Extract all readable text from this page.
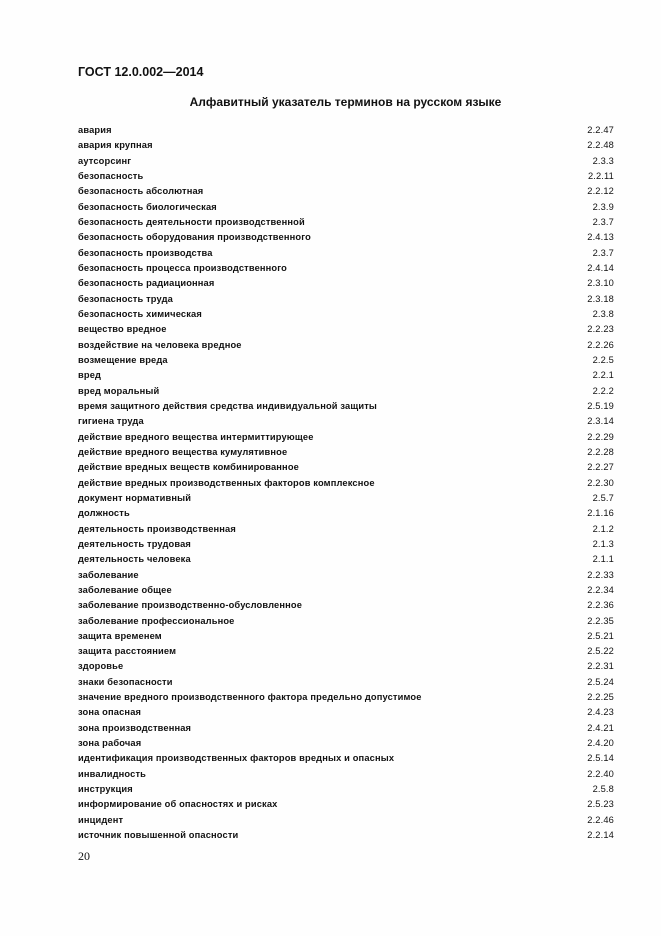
ГОСТ 12.0.002—2014
Алфавитный указатель терминов на русском языке
авария	2.2.47
авария крупная	2.2.48
аутсорсинг	2.3.3
безопасность	2.2.11
безопасность абсолютная	2.2.12
безопасность биологическая	2.3.9
безопасность деятельности производственной	2.3.7
безопасность оборудования производственного	2.4.13
безопасность производства	2.3.7
безопасность процесса производственного	2.4.14
безопасность радиационная	2.3.10
безопасность труда	2.3.18
безопасность химическая	2.3.8
вещество вредное	2.2.23
воздействие на человека вредное	2.2.26
возмещение вреда	2.2.5
вред	2.2.1
вред моральный	2.2.2
время защитного действия средства индивидуальной защиты	2.5.19
гигиена труда	2.3.14
действие вредного вещества интермиттирующее	2.2.29
действие вредного вещества кумулятивное	2.2.28
действие вредных веществ комбинированное	2.2.27
действие вредных производственных факторов комплексное	2.2.30
документ нормативный	2.5.7
должность	2.1.16
деятельность производственная	2.1.2
деятельность трудовая	2.1.3
деятельность человека	2.1.1
заболевание	2.2.33
заболевание общее	2.2.34
заболевание производственно-обусловленное	2.2.36
заболевание профессиональное	2.2.35
защита временем	2.5.21
защита расстоянием	2.5.22
здоровье	2.2.31
знаки безопасности	2.5.24
значение вредного производственного фактора предельно допустимое	2.2.25
зона опасная	2.4.23
зона производственная	2.4.21
зона рабочая	2.4.20
идентификация производственных факторов вредных и опасных	2.5.14
инвалидность	2.2.40
инструкция	2.5.8
информирование об опасностях и рисках	2.5.23
инцидент	2.2.46
источник повышенной опасности	2.2.14
20
